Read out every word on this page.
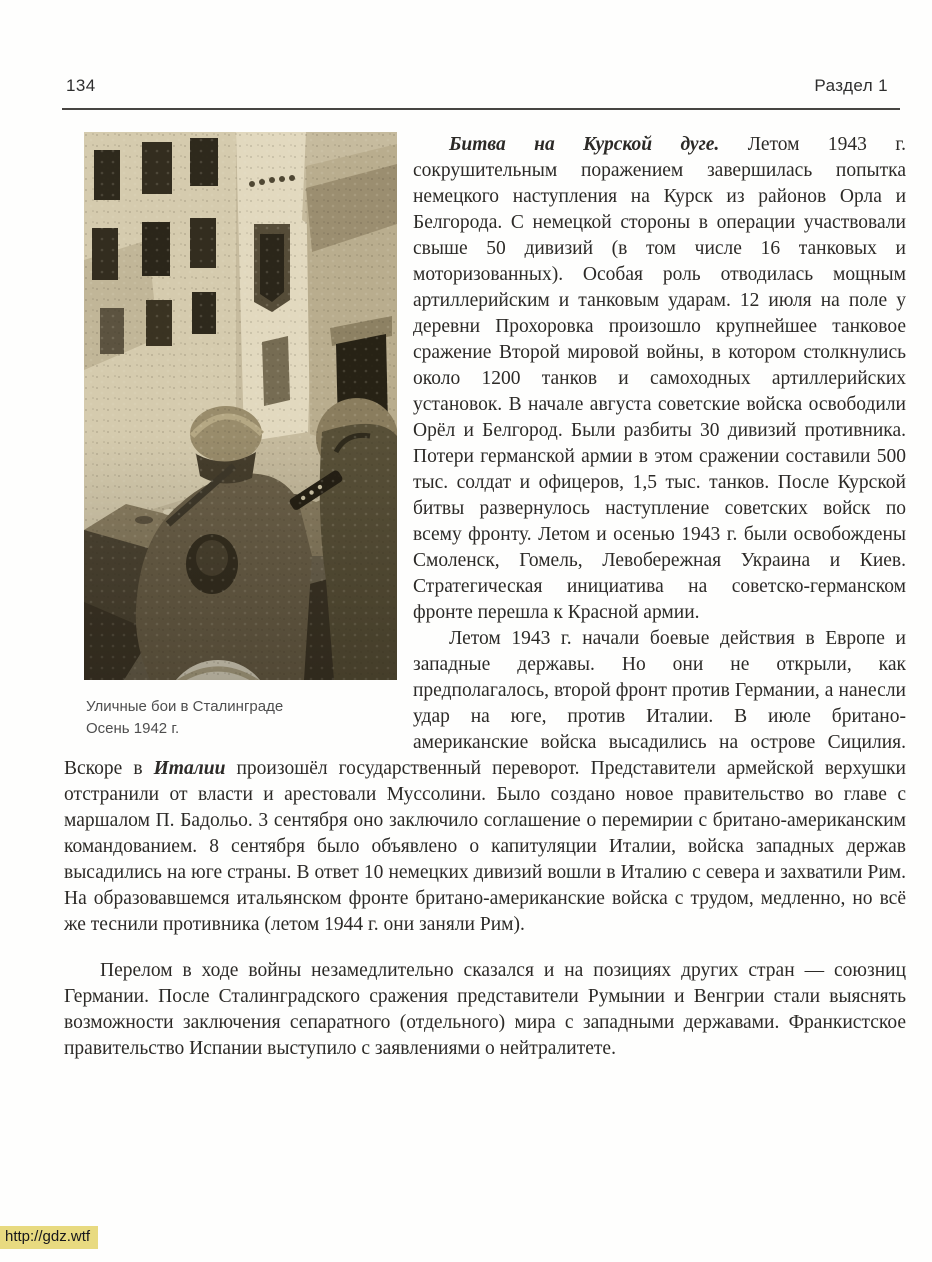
134	Раздел 1
Уличные бои в Сталинграде
Осень 1942 г.

Битва на Курской дуге. Летом 1943 г. сокрушительным поражением завершилась попытка немецкого наступления на Курск из районов Орла и Белгорода. С немецкой стороны в операции участвовали свыше 50 дивизий (в том числе 16 танковых и моторизованных). Особая роль отводилась мощным артиллерийским и танковым ударам. 12 июля на поле у деревни Прохоровка произошло крупнейшее танковое сражение Второй мировой войны, в котором столкнулись около 1200 танков и самоходных артиллерийских установок. В начале августа советские войска освободили Орёл и Белгород. Были разбиты 30 дивизий противника. Потери германской армии в этом сражении составили 500 тыс. солдат и офицеров, 1,5 тыс. танков. После Курской битвы развернулось наступление советских войск по всему фронту. Летом и осенью 1943 г. были освобождены Смоленск, Гомель, Левобережная Украина и Киев. Стратегическая инициатива на советско-германском фронте перешла к Красной армии.

Летом 1943 г. начали боевые действия в Европе и западные державы. Но они не открыли, как предполагалось, второй фронт против Германии, а нанесли удар на юге, против Италии. В июле британо-американские войска высадились на острове Сицилия. Вскоре в Италии произошёл государственный переворот. Представители армейской верхушки отстранили от власти и арестовали Муссолини. Было создано новое правительство во главе с маршалом П. Бадольо. 3 сентября оно заключило соглашение о перемирии с британо-американским командованием. 8 сентября было объявлено о капитуляции Италии, войска западных держав высадились на юге страны. В ответ 10 немецких дивизий вошли в Италию с севера и захватили Рим. На образовавшемся итальянском фронте британо-американские войска с трудом, медленно, но всё же теснили противника (летом 1944 г. они заняли Рим).

Перелом в ходе войны незамедлительно сказался и на позициях других стран — союзниц Германии. После Сталинградского сражения представители Румынии и Венгрии стали выяснять возможности заключения сепаратного (отдельного) мира с западными державами. Франкистское правительство Испании выступило с заявлениями о нейтралитете.

http://gdz.wtf
